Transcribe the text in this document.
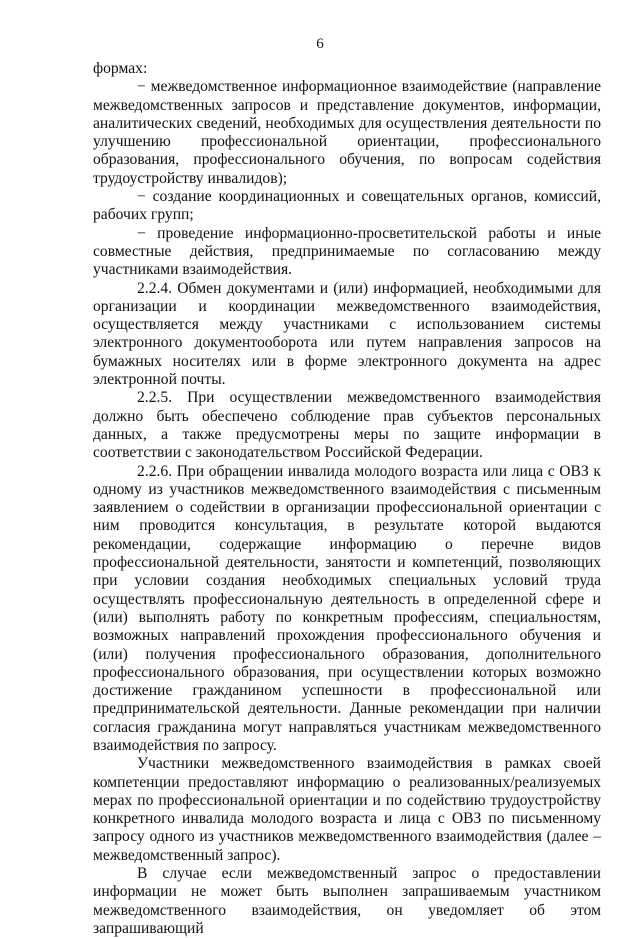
6

формах:

− межведомственное информационное взаимодействие (направление межведомственных запросов и представление документов, информации, аналитических сведений, необходимых для осуществления деятельности по улучшению профессиональной ориентации, профессионального образования, профессионального обучения, по вопросам содействия трудоустройству инвалидов);

− создание координационных и совещательных органов, комиссий, рабочих групп;

− проведение информационно-просветительской работы и иные совместные действия, предпринимаемые по согласованию между участниками взаимодействия.

2.2.4. Обмен документами и (или) информацией, необходимыми для организации и координации межведомственного взаимодействия, осуществляется между участниками с использованием системы электронного документооборота или путем направления запросов на бумажных носителях или в форме электронного документа на адрес электронной почты.

2.2.5. При осуществлении межведомственного взаимодействия должно быть обеспечено соблюдение прав субъектов персональных данных, а также предусмотрены меры по защите информации в соответствии с законодательством Российской Федерации.

2.2.6. При обращении инвалида молодого возраста или лица с ОВЗ к одному из участников межведомственного взаимодействия с письменным заявлением о содействии в организации профессиональной ориентации с ним проводится консультация, в результате которой выдаются рекомендации, содержащие информацию о перечне видов профессиональной деятельности, занятости и компетенций, позволяющих при условии создания необходимых специальных условий труда осуществлять профессиональную деятельность в определенной сфере и (или) выполнять работу по конкретным профессиям, специальностям, возможных направлений прохождения профессионального обучения и (или) получения профессионального образования, дополнительного профессионального образования, при осуществлении которых возможно достижение гражданином успешности в профессиональной или предпринимательской деятельности. Данные рекомендации при наличии согласия гражданина могут направляться участникам межведомственного взаимодействия по запросу.

Участники межведомственного взаимодействия в рамках своей компетенции предоставляют информацию о реализованных/реализуемых мерах по профессиональной ориентации и по содействию трудоустройству конкретного инвалида молодого возраста и лица с ОВЗ по письменному запросу одного из участников межведомственного взаимодействия (далее – межведомственный запрос).

В случае если межведомственный запрос о предоставлении информации не может быть выполнен запрашиваемым участником межведомственного взаимодействия, он уведомляет об этом запрашивающий
